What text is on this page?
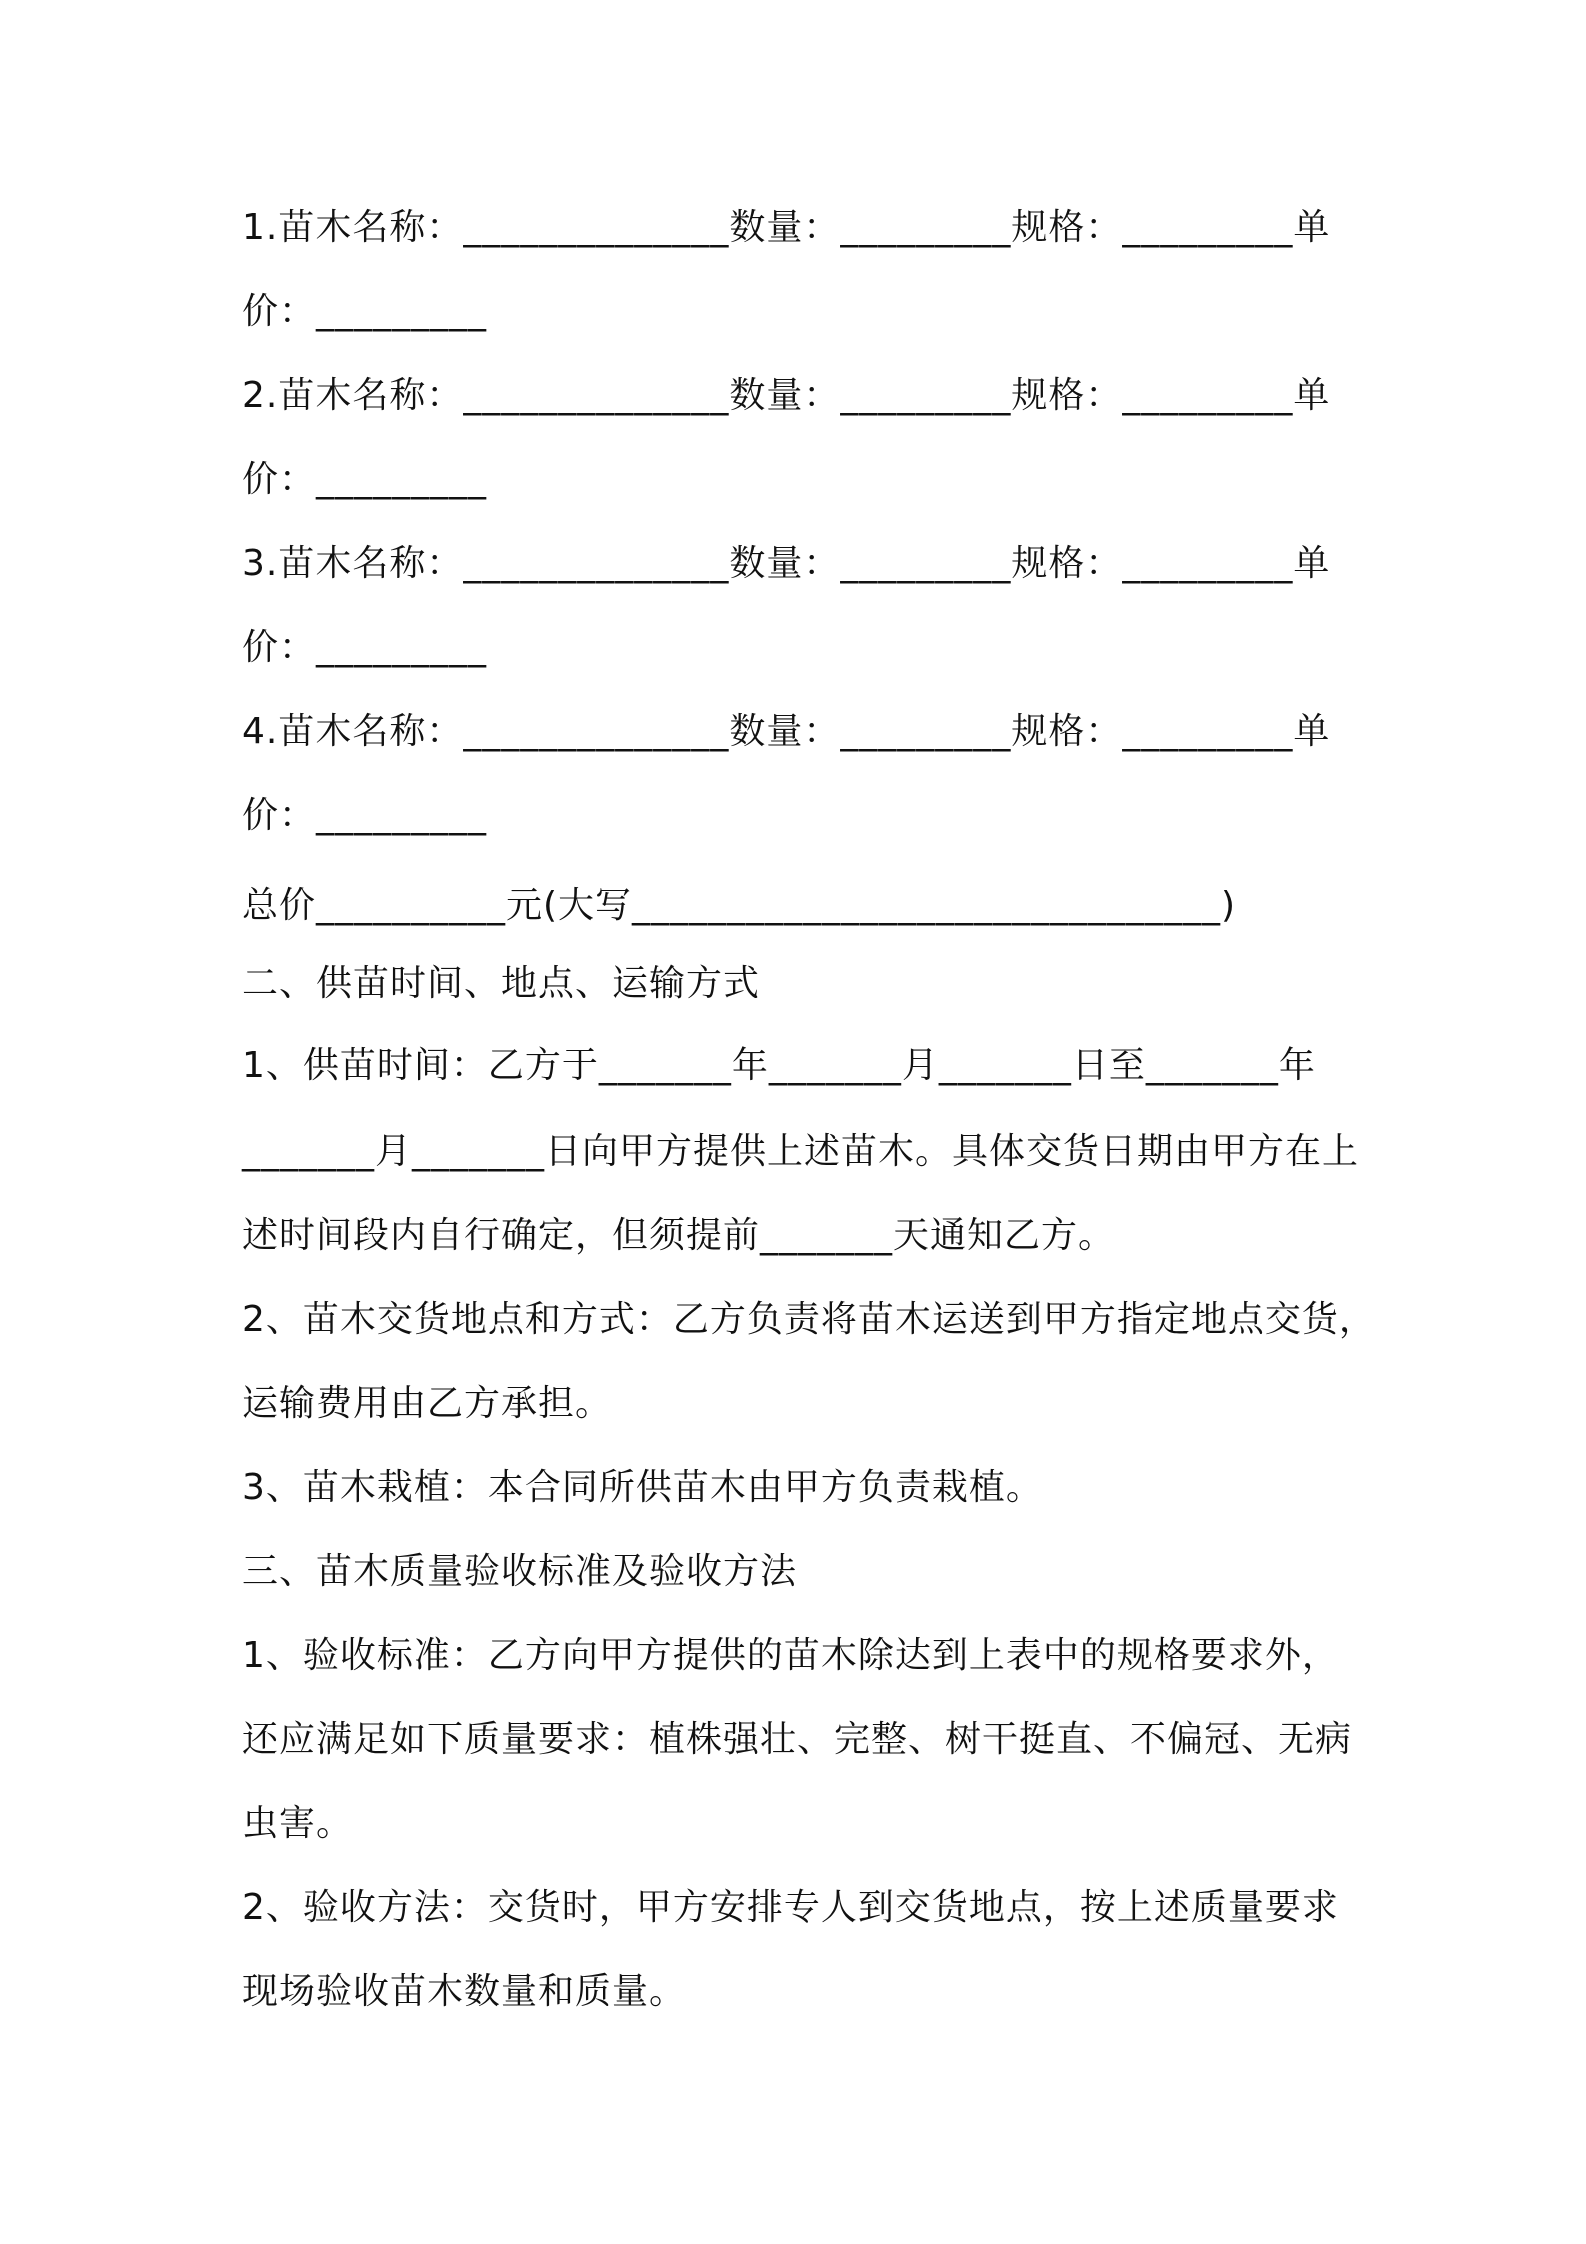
1.苗木名称：______________数量：_________规格：_________单
价：_________
2.苗木名称：______________数量：_________规格：_________单
价：_________
3.苗木名称：______________数量：_________规格：_________单
价：_________
4.苗木名称：______________数量：_________规格：_________单
价：_________
总价__________元(大写_______________________________)
二、供苗时间、地点、运输方式
1、供苗时间：乙方于_______年_______月_______日至_______年
_______月_______日向甲方提供上述苗木。具体交货日期由甲方在上
述时间段内自行确定，但须提前_______天通知乙方。
2、苗木交货地点和方式：乙方负责将苗木运送到甲方指定地点交货，
运输费用由乙方承担。
3、苗木栽植：本合同所供苗木由甲方负责栽植。
三、苗木质量验收标准及验收方法
1、验收标准：乙方向甲方提供的苗木除达到上表中的规格要求外，
还应满足如下质量要求：植株强壮、完整、树干挺直、不偏冠、无病
虫害。
2、验收方法：交货时，甲方安排专人到交货地点，按上述质量要求
现场验收苗木数量和质量。
